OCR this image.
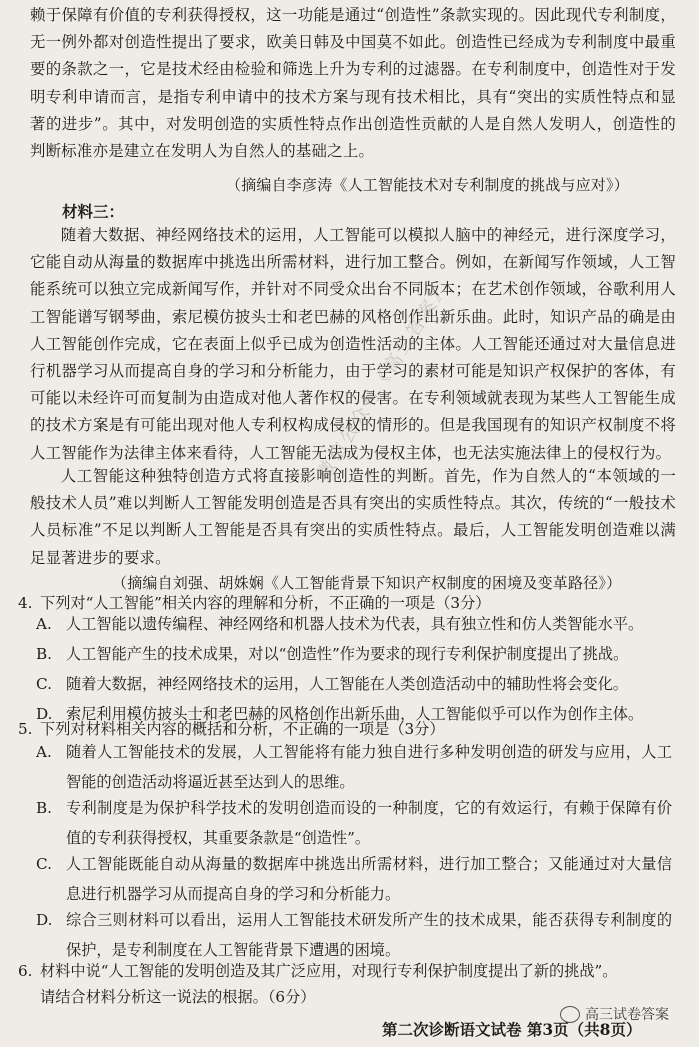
赖于保障有价值的专利获得授权，这一功能是通过“创造性”条款实现的。因此现代专利制度，无一例外都对创造性提出了要求，欧美日韩及中国莫不如此。创造性已经成为专利制度中最重要的条款之一，它是技术经由检验和筛选上升为专利的过滤器。在专利制度中，创造性对于发明专利申请而言，是指专利申请中的技术方案与现有技术相比，具有“突出的实质性特点和显著的进步”。其中，对发明创造的实质性特点作出创造性贡献的人是自然人发明人，创造性的判断标准亦是建立在发明人为自然人的基础之上。

（摘编自李彦涛《人工智能技术对专利制度的挑战与应对》）
材料三：

随着大数据、神经网络技术的运用，人工智能可以模拟人脑中的神经元，进行深度学习，它能自动从海量的数据库中挑选出所需材料，进行加工整合。例如，在新闻写作领域，人工智能系统可以独立完成新闻写作，并针对不同受众出台不同版本；在艺术创作领域，谷歌利用人工智能谱写钢琴曲，索尼模仿披头士和老巴赫的风格创作出新乐曲。此时，知识产品的确是由人工智能创作完成，它在表面上似乎已成为创造性活动的主体。人工智能还通过对大量信息进行机器学习从而提高自身的学习和分析能力，由于学习的素材可能是知识产权保护的客体，有可能以未经许可而复制为由造成对他人著作权的侵害。在专利领域就表现为某些人工智能生成的技术方案是有可能出现对他人专利权构成侵权的情形的。但是我国现有的知识产权制度不将人工智能作为法律主体来看待，人工智能无法成为侵权主体，也无法实施法律上的侵权行为。

人工智能这种独特创造方式将直接影响创造性的判断。首先，作为自然人的“本领域的一般技术人员”难以判断人工智能发明创造是否具有突出的实质性特点。其次，传统的“一般技术人员标准”不足以判断人工智能是否具有突出的实质性特点。最后，人工智能发明创造难以满足显著进步的要求。

（摘编自刘强、胡姝娴《人工智能背景下知识产权制度的困境及变革路径》）
4. 下列对“人工智能”相关内容的理解和分析，不正确的一项是（3分）
A. 人工智能以遗传编程、神经网络和机器人技术为代表，具有独立性和仿人类智能水平。
B. 人工智能产生的技术成果，对以“创造性”作为要求的现行专利保护制度提出了挑战。
C. 随着大数据，神经网络技术的运用，人工智能在人类创造活动中的辅助性将会变化。
D. 索尼利用模仿披头士和老巴赫的风格创作出新乐曲，人工智能似乎可以作为创作主体。
5. 下列对材料相关内容的概括和分析，不正确的一项是（3分）
A. 随着人工智能技术的发展，人工智能将有能力独自进行多种发明创造的研发与应用，人工智能的创造活动将逼近甚至达到人的思维。
B. 专利制度是为保护科学技术的发明创造而设的一种制度，它的有效运行，有赖于保障有价值的专利获得授权，其重要条款是“创造性”。
C. 人工智能既能自动从海量的数据库中挑选出所需材料，进行加工整合；又能通过对大量信息进行机器学习从而提高自身的学习和分析能力。
D. 综合三则材料可以看出，运用人工智能技术研发所产生的技术成果，能否获得专利制度的保护，是专利制度在人工智能背景下遭遇的困境。
6. 材料中说“人工智能的发明创造及其广泛应用，对现行专利保护制度提出了新的挑战”。
请结合材料分析这一说法的根据。（6分）
微信公众号《高三答案》
高三试卷答案
第二次诊断语文试卷 第3页（共8页）
